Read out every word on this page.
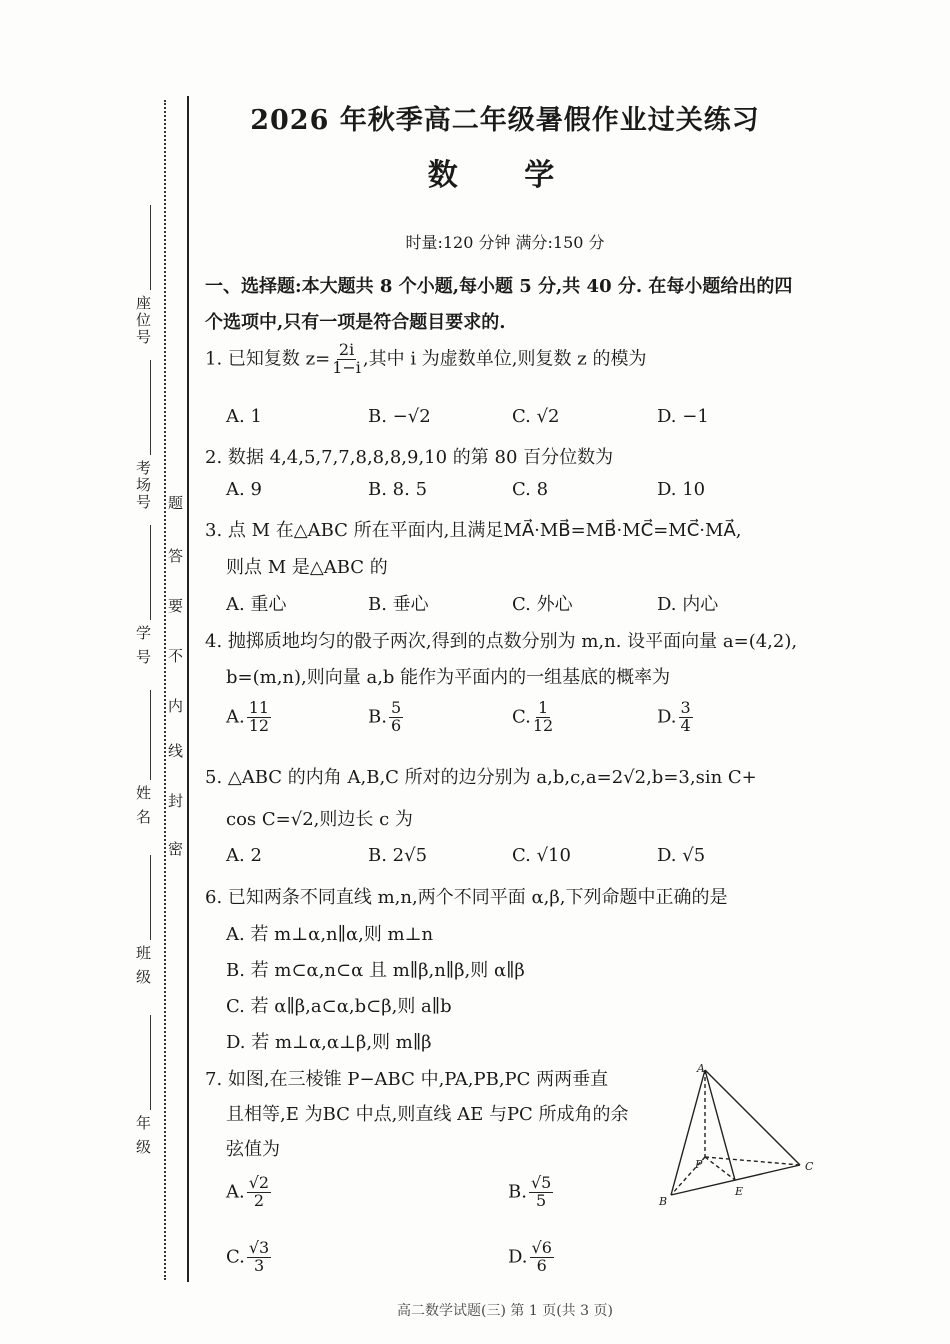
座位号
考场号
学 号
姓 名
班 级
年 级
密
封
线
内
不
要
答
题
2026 年秋季高二年级暑假作业过关练习
数 学
时量:120 分钟 满分:150 分
一、选择题:本大题共 8 个小题,每小题 5 分,共 40 分. 在每小题给出的四
个选项中,只有一项是符合题目要求的.
1. 已知复数 $z= \frac{2i}{1-i}$ ,其中 i 为虚数单位,则复数 z 的模为
A. 1	B. −√2	C. √2	D. −1
2. 数据 4,4,5,7,7,8,8,8,9,10 的第 80 百分位数为
A. 9	B. 8. 5	C. 8	D. 10
3. 点 M 在△ABC 所在平面内,且满足MA⃗·MB⃗=MB⃗·MC⃗=MC⃗·MA⃗,
则点 M 是△ABC 的
A. 重心	B. 垂心	C. 外心	D. 内心
4. 抛掷质地均匀的骰子两次,得到的点数分别为 m,n. 设平面向量 a=(4,2),
b=(m,n),则向量 a,b 能作为平面内的一组基底的概率为
A. $\frac{11}{12}$	B. $\frac{5}{6}$	C. $\frac{1}{12}$	D. $\frac{3}{4}$
5. △ABC 的内角 A,B,C 所对的边分别为 a,b,c,a=2√2,b=3,sin C+
cos C=√2,则边长 c 为
A. 2	B. 2√5	C. √10	D. √5
6. 已知两条不同直线 m,n,两个不同平面 α,β,下列命题中正确的是
A. 若 m⊥α,n∥α,则 m⊥n
B. 若 m⊂α,n⊂α 且 m∥β,n∥β,则 α∥β
C. 若 α∥β,a⊂α,b⊂β,则 a∥b
D. 若 m⊥α,α⊥β,则 m∥β
7. 如图,在三棱锥 P−ABC 中,PA,PB,PC 两两垂直
且相等,E 为BC 中点,则直线 AE 与PC 所成角的余
弦值为
A. $\frac{√2}{2}$	B. $\frac{√5}{5}$
C. $\frac{√3}{3}$	D. $\frac{√6}{6}$
A
P
B
E
C
高二数学试题(三) 第 1 页(共 3 页)
